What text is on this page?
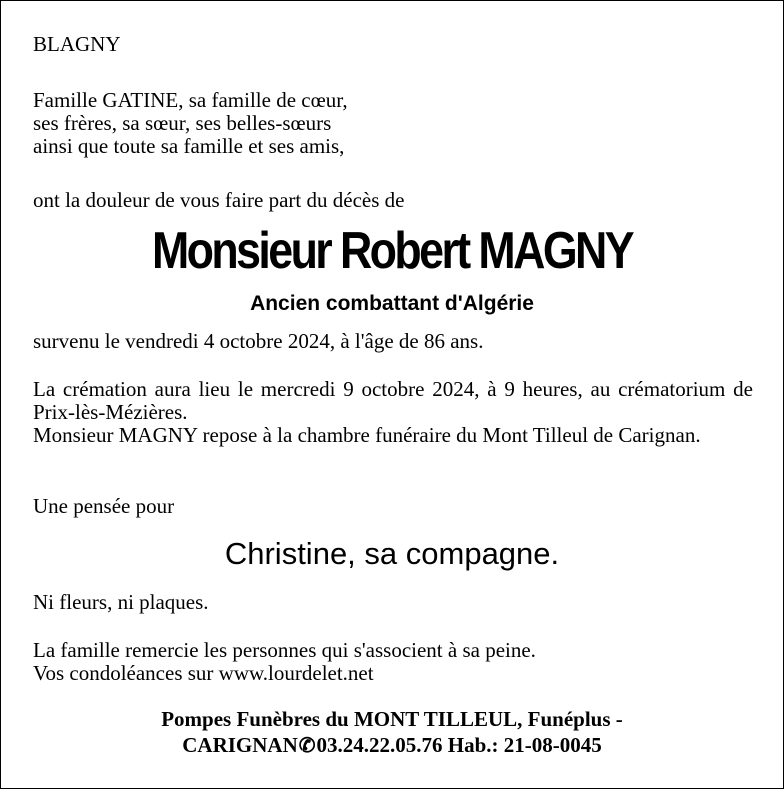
BLAGNY

Famille GATINE, sa famille de cœur,
ses frères, sa sœur, ses belles-sœurs
ainsi que toute sa famille et ses amis,

ont la douleur de vous faire part du décès de

Monsieur Robert MAGNY

Ancien combattant d'Algérie

survenu le vendredi 4 octobre 2024, à l'âge de 86 ans.

La crémation aura lieu le mercredi 9 octobre 2024, à 9 heures, au crématorium de Prix-lès-Mézières.
Monsieur MAGNY repose à la chambre funéraire du Mont Tilleul de Carignan.

Une pensée pour

Christine, sa compagne.

Ni fleurs, ni plaques.

La famille remercie les personnes qui s'associent à sa peine.
Vos condoléances sur www.lourdelet.net
Pompes Funèbres du MONT TILLEUL, Funéplus -
CARIGNAN✆03.24.22.05.76 Hab.: 21-08-0045
